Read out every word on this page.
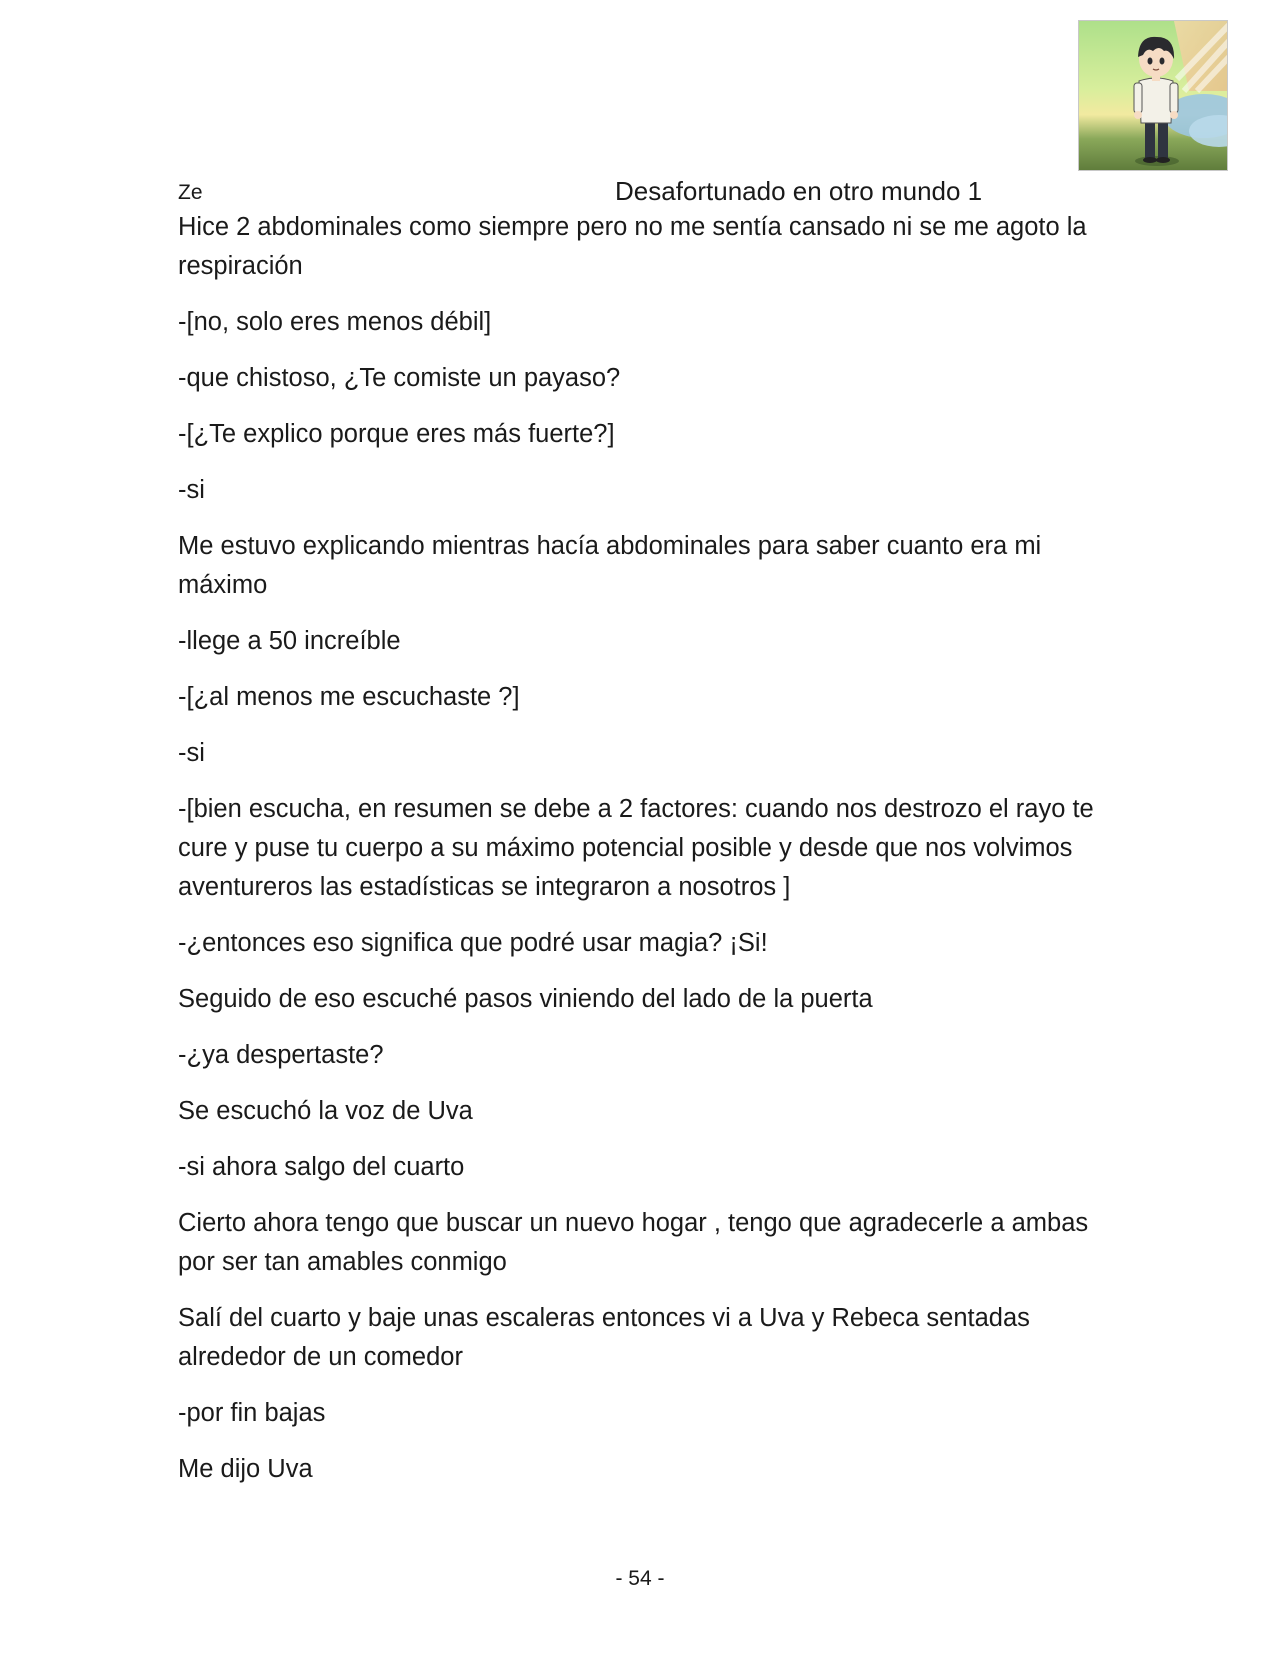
Ze	Desafortunado en otro mundo 1

Hice 2 abdominales como siempre pero no me sentía cansado ni se me agoto la respiración

-[no, solo eres menos débil]

-que chistoso, ¿Te comiste un payaso?

-[¿Te explico porque eres más fuerte?]

-si

Me estuvo explicando mientras hacía abdominales para saber cuanto era mi máximo

-llege a 50 increíble

-[¿al menos me escuchaste ?]

-si

-[bien escucha, en resumen se debe a 2 factores: cuando nos destrozo el rayo te cure y puse tu cuerpo a su máximo potencial posible y desde que nos volvimos aventureros las estadísticas se integraron a nosotros ]

-¿entonces eso significa que podré usar magia? ¡Si!

Seguido de eso escuché pasos viniendo del lado de la puerta

-¿ya despertaste?

Se escuchó la voz de Uva

-si ahora salgo del cuarto

Cierto ahora tengo que buscar un nuevo hogar , tengo que agradecerle a ambas por ser tan amables conmigo

Salí del cuarto y baje unas escaleras entonces vi a Uva y Rebeca sentadas alrededor de un comedor

-por fin bajas

Me dijo Uva

- 54 -
